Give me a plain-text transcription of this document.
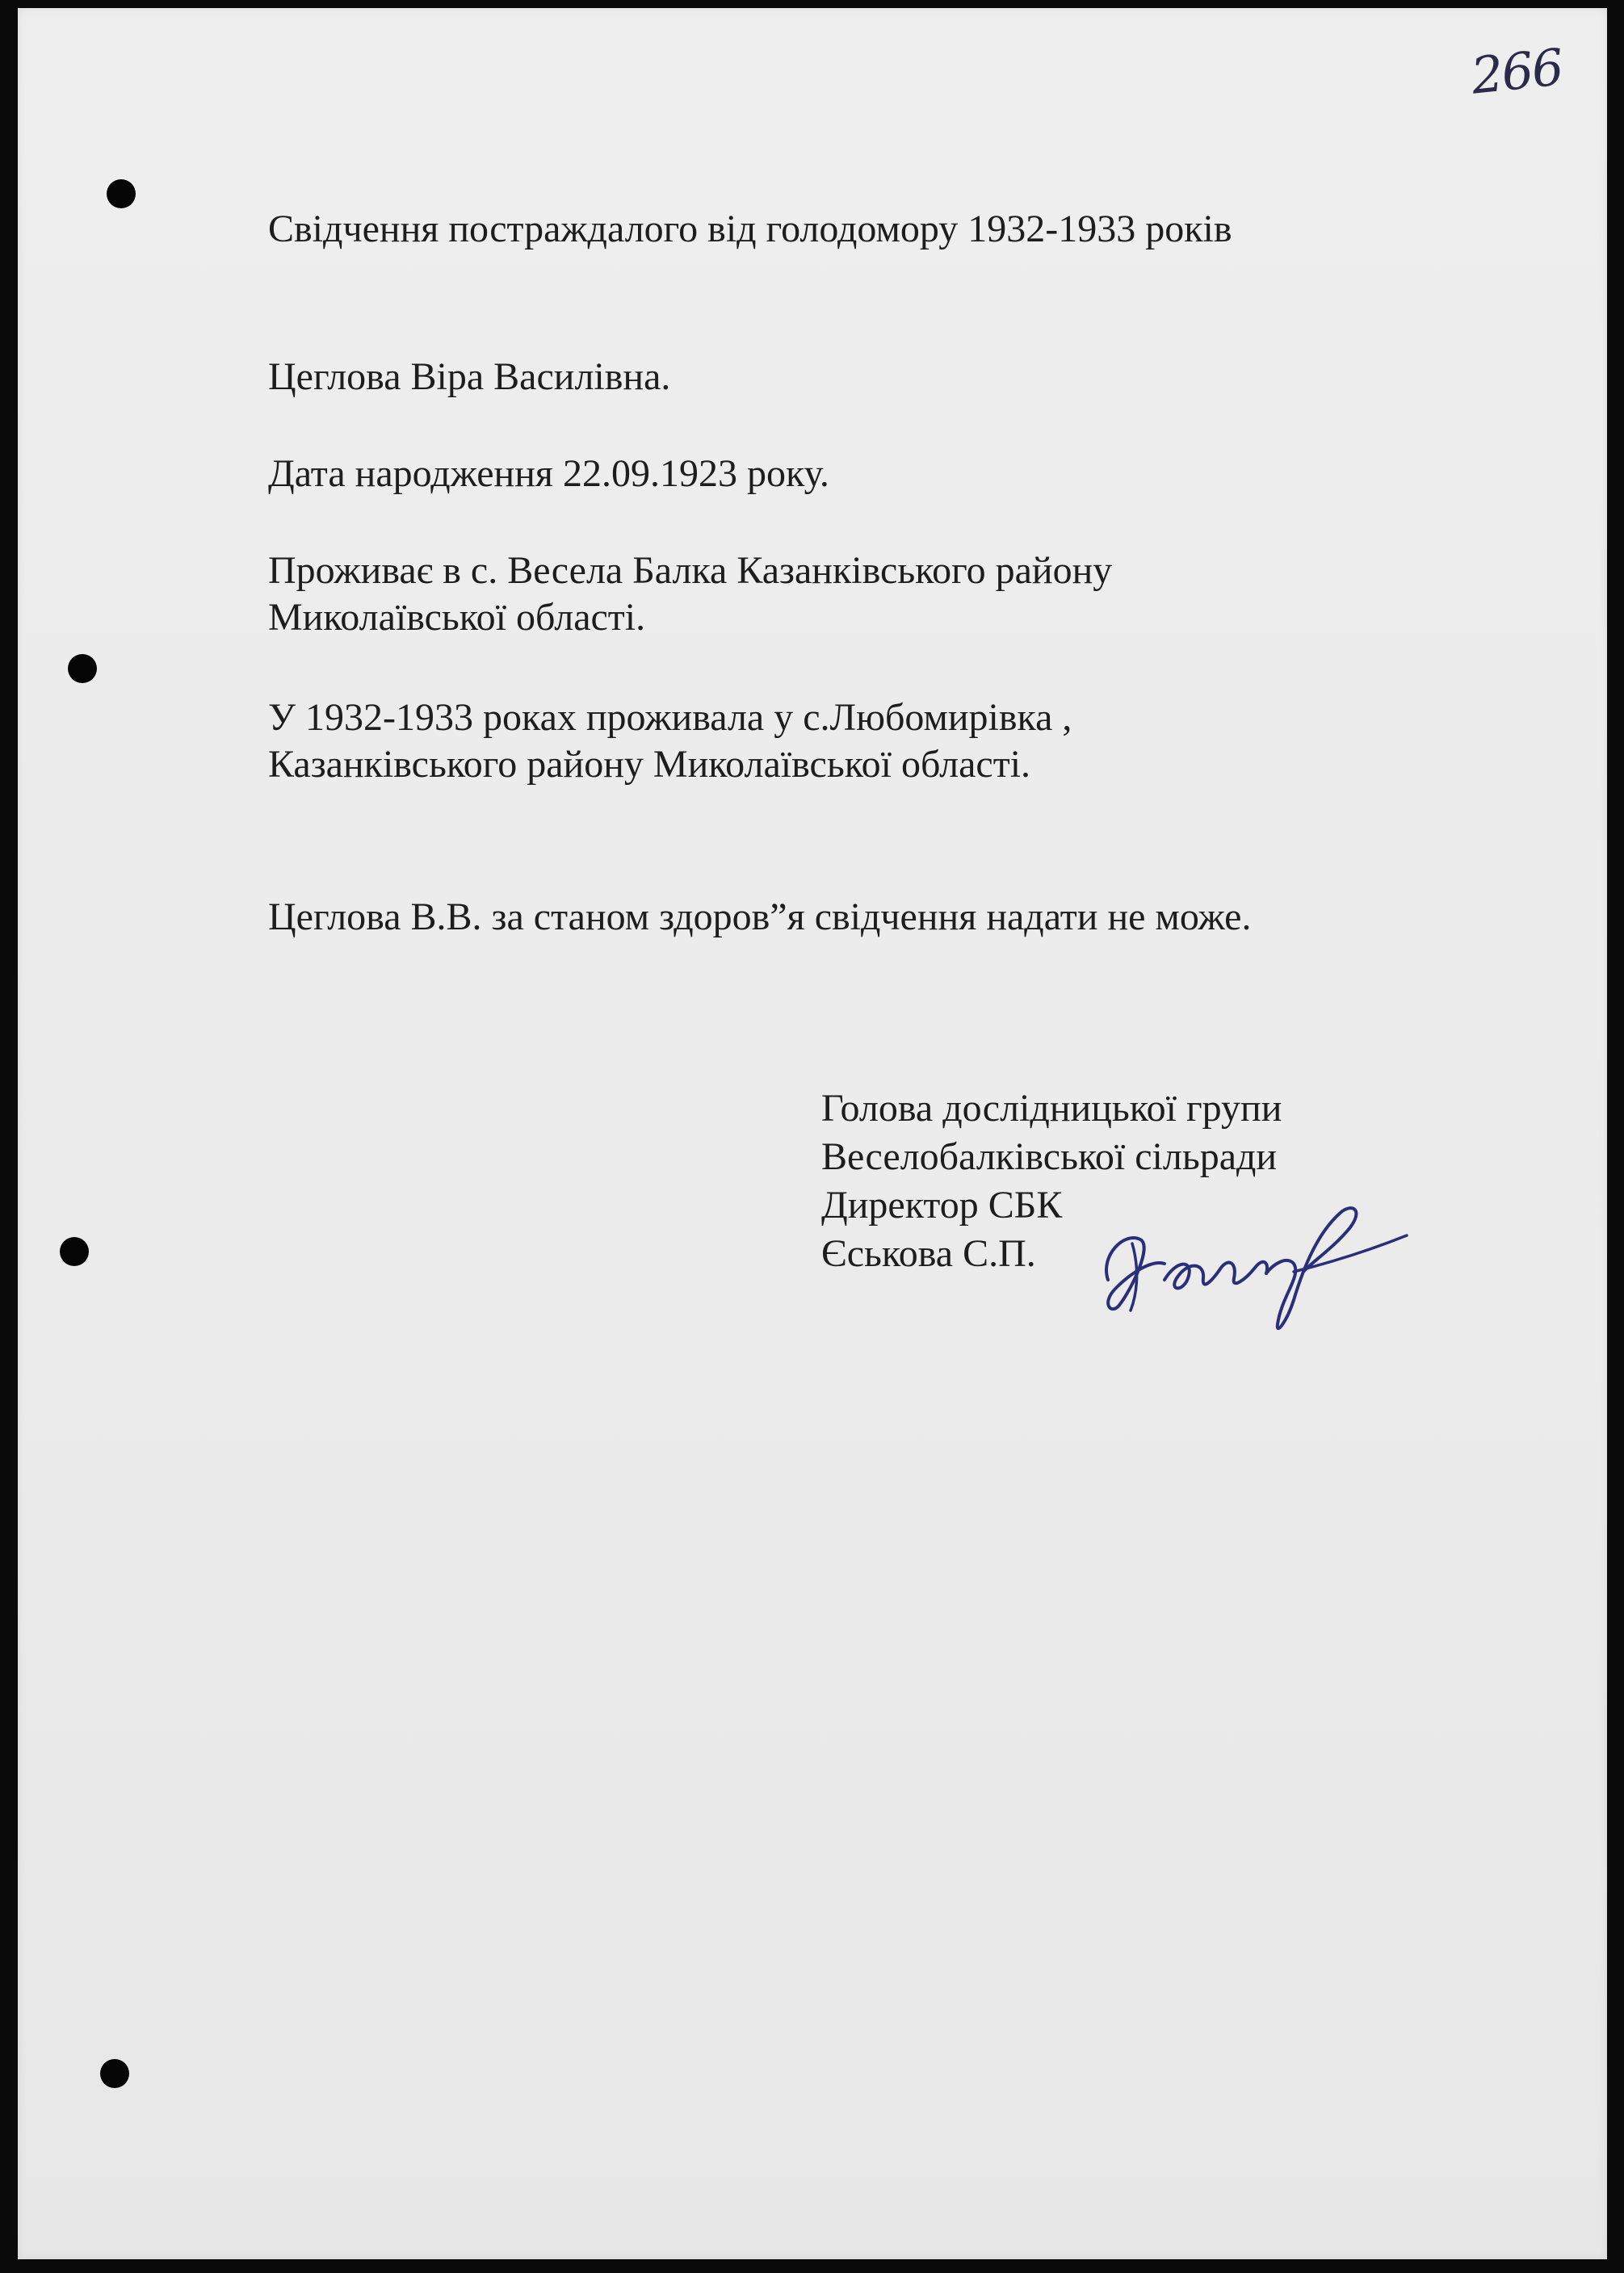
266
Свідчення постраждалого від голодомору 1932-1933 років
Цеглова Віра Василівна.
Дата народження 22.09.1923 року.
Проживає в с. Весела Балка Казанківського району
Миколаївської області.
У 1932-1933 роках проживала у с.Любомирівка ,
Казанківського району Миколаївської області.
Цеглова В.В. за станом здоров”я свідчення надати не може.
Голова дослідницької групи
Веселобалківської сільради
Директор СБК
Єськова С.П.
